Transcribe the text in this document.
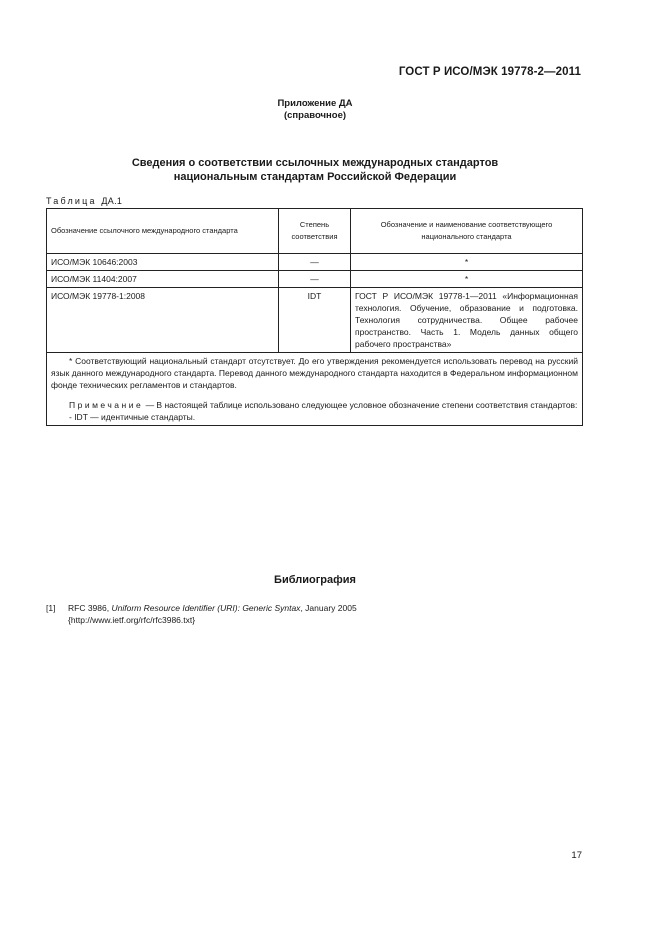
ГОСТ Р ИСО/МЭК 19778-2—2011
Приложение ДА
(справочное)
Сведения о соответствии ссылочных международных стандартов
национальным стандартам Российской Федерации
Таблица ДА.1
Обозначение ссылочного международного стандарта	Степень соответствия	Обозначение и наименование соответствующего национального стандарта
ИСО/МЭК 10646:2003	—	*
ИСО/МЭК 11404:2007	—	*
ИСО/МЭК 19778-1:2008	IDT	ГОСТ Р ИСО/МЭК 19778-1—2011 «Информационная технология. Обучение, образование и подготовка. Технология сотрудничества. Общее рабочее пространство. Часть 1. Модель данных общего рабочего пространства»

* Соответствующий национальный стандарт отсутствует. До его утверждения рекомендуется использовать перевод на русский язык данного международного стандарта. Перевод данного международного стандарта находится в Федеральном информационном фонде технических регламентов и стандартов.

Примечание — В настоящей таблице использовано следующее условное обозначение степени соответствия стандартов:

- IDT — идентичные стандарты.		

Библиография
[1] RFC 3986, Uniform Resource Identifier (URI): Generic Syntax, January 2005
{http://www.ietf.org/rfc/rfc3986.txt}
17
